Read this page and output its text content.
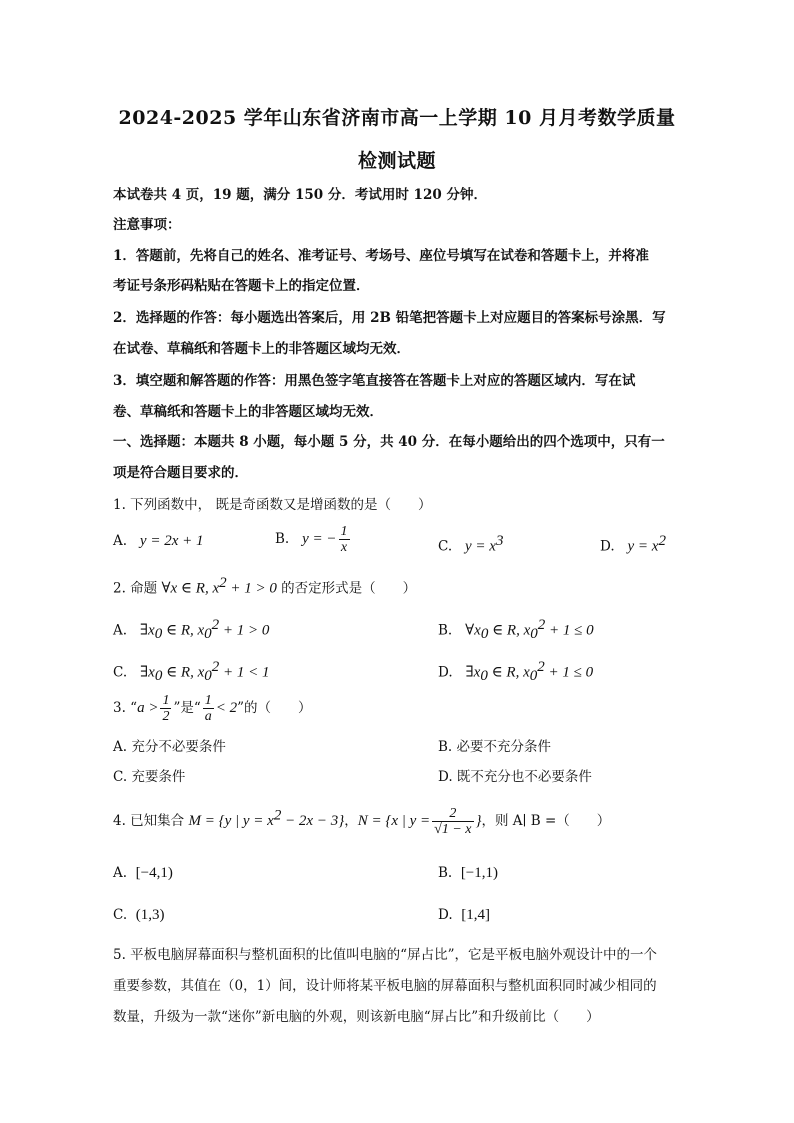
2024-2025 学年山东省济南市高一上学期 10 月月考数学质量
检测试题
本试卷共 4 页，19 题，满分 150 分．考试用时 120 分钟．
注意事项：
1．答题前，先将自己的姓名、准考证号、考场号、座位号填写在试卷和答题卡上，并将准
考证号条形码粘贴在答题卡上的指定位置．
2．选择题的作答：每小题选出答案后，用 2B 铅笔把答题卡上对应题目的答案标号涂黑．写
在试卷、草稿纸和答题卡上的非答题区域均无效．
3．填空题和解答题的作答：用黑色签字笔直接答在答题卡上对应的答题区域内．写在试
卷、草稿纸和答题卡上的非答题区域均无效．
一、选择题：本题共 8 小题，每小题 5 分，共 40 分．在每小题给出的四个选项中，只有一
项是符合题目要求的．
1. 下列函数中， 既是奇函数又是增函数的是（　　）
A. y = 2x + 1	B. y = − $\frac{1}{x}$	C. $y = x^3$	D. $y = x^2$
2. 命题 ∀x ∈ R, $x^2 + 1 > 0$ 的否定形式是（　　）
A. $\exists x_0$ ∈ R, $x_0^2 + 1 > 0$	B. $\forall x_0$ ∈ R, $x_0^2 + 1 \le 0$
C. $\exists x_0$ ∈ R, $x_0^2 + 1 < 1$	D. $\exists x_0$ ∈ R, $x_0^2 + 1 \le 0$
3. “$a > \frac{1}{2}$ ”是“ $\frac{1}{a} < 2$”的（　　）
A. 充分不必要条件	B. 必要不充分条件
C. 充要条件	D. 既不充分也不必要条件
4. 已知集合 M = {y | $y = x^2 - 2x - 3$}，N = {x | $y = \frac{2}{√1 - x}$ }，则 A∣ B =（　　）
A. [−4,1)	B. [−1,1)
C. (1,3)	D. [1,4]
5. 平板电脑屏幕面积与整机面积的比值叫电脑的“屏占比”，它是平板电脑外观设计中的一个
重要参数，其值在（0，1）间，设计师将某平板电脑的屏幕面积与整机面积同时减少相同的
数量，升级为一款“迷你”新电脑的外观，则该新电脑“屏占比”和升级前比（　　）
